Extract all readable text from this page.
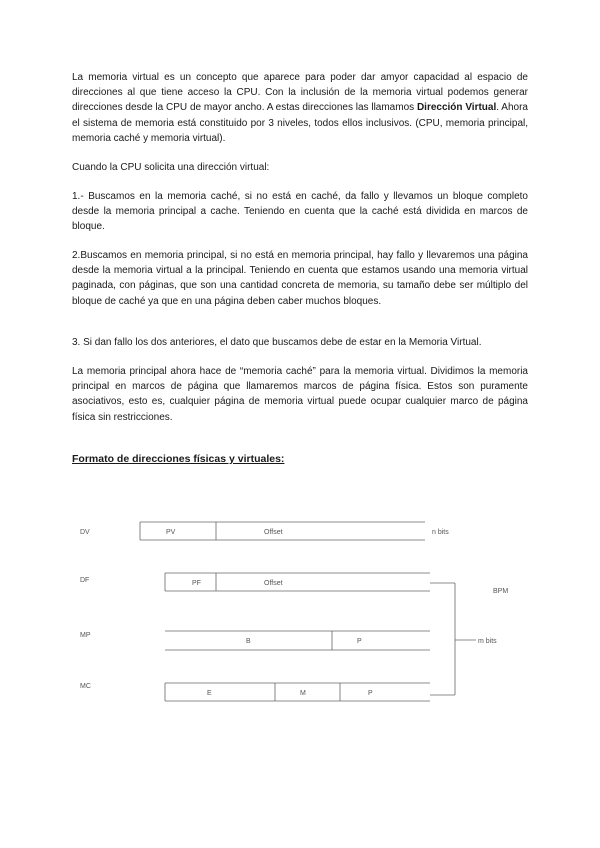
La memoria virtual es un concepto que aparece para poder dar amyor capacidad al espacio de direcciones al que tiene acceso la CPU. Con la inclusión de la memoria virtual podemos generar direcciones desde la CPU de mayor ancho. A estas direcciones las llamamos Dirección Virtual. Ahora el sistema de memoria está constituido por 3 niveles, todos ellos inclusivos. (CPU, memoria principal, memoria caché y memoria virtual).

Cuando la CPU solicita una dirección virtual:

1.- Buscamos en la memoria caché, si no está en caché, da fallo y llevamos un bloque completo desde la memoria principal a cache. Teniendo en cuenta que la caché está dividida en marcos de bloque.

2.Buscamos en memoria principal, si no está en memoria principal, hay fallo y llevaremos una página desde la memoria virtual a la principal. Teniendo en cuenta que estamos usando una memoria virtual paginada, con páginas, que son una cantidad concreta de memoria, su tamaño debe ser múltiplo del bloque de caché ya que en una página deben caber muchos bloques.

3. Si dan fallo los dos anteriores, el dato que buscamos debe de estar en la Memoria Virtual.

La memoria principal ahora hace de “memoria caché” para la memoria virtual. Dividimos la memoria principal en marcos de página que llamaremos marcos de página física. Estos son puramente asociativos, esto es, cualquier página de memoria virtual puede ocupar cualquier marco de página física sin restricciones.

Formato de direcciones físicas y virtuales:

DV	PV	Offset	n bits
DF	PF	Offset
BPM
MP
B	P	m bits
MC
E	M	P
